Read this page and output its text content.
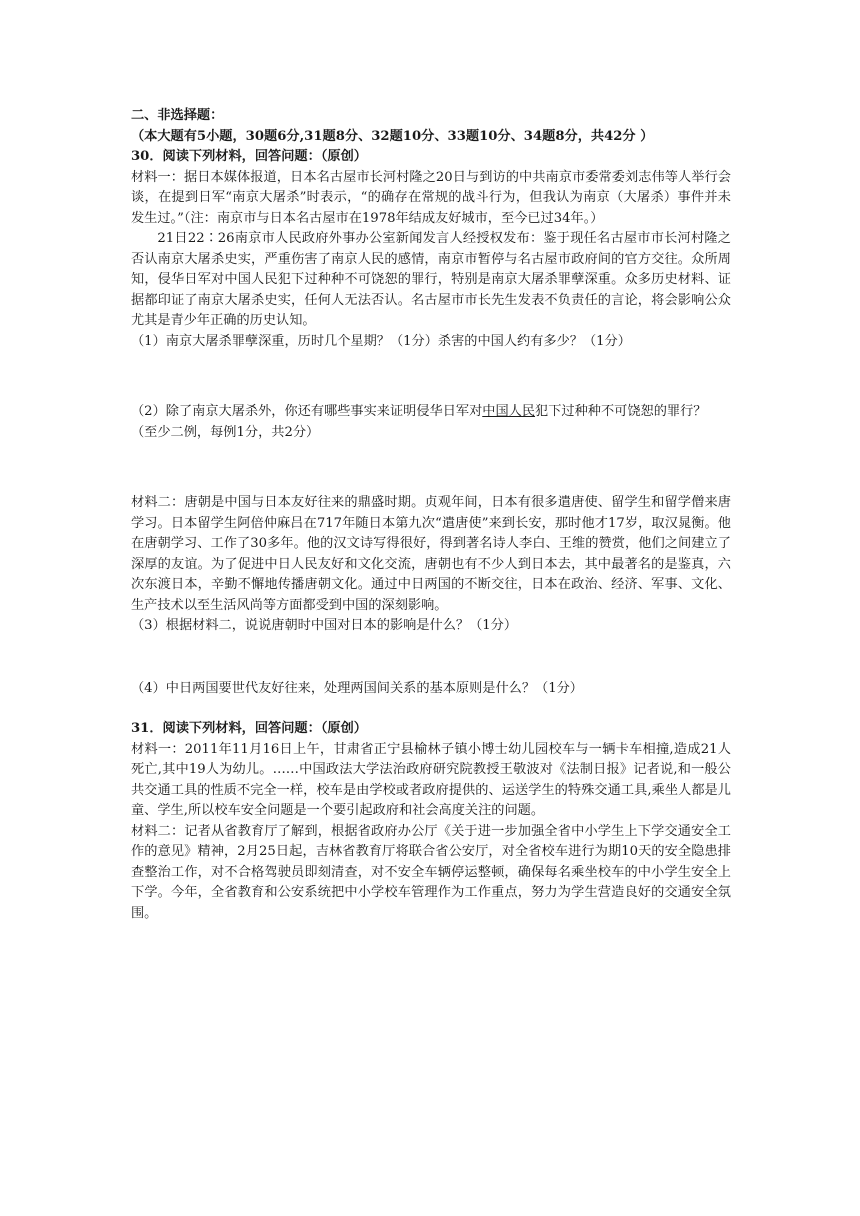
二、非选择题：

（本大题有5小题，30题6分,31题8分、32题10分、33题10分、34题8分，共42分 ）

30．阅读下列材料，回答问题：（原创）

材料一：据日本媒体报道，日本名古屋市长河村隆之20日与到访的中共南京市委常委刘志伟等人举行会谈，在提到日军“南京大屠杀”时表示，“的确存在常规的战斗行为，但我认为南京（大屠杀）事件并未发生过。”（注：南京市与日本名古屋市在1978年结成友好城市，至今已过34年。）

21日22∶26南京市人民政府外事办公室新闻发言人经授权发布：鉴于现任名古屋市市长河村隆之否认南京大屠杀史实，严重伤害了南京人民的感情，南京市暂停与名古屋市政府间的官方交往。众所周知，侵华日军对中国人民犯下过种种不可饶恕的罪行，特别是南京大屠杀罪孽深重。众多历史材料、证据都印证了南京大屠杀史实，任何人无法否认。名古屋市市长先生发表不负责任的言论，将会影响公众尤其是青少年正确的历史认知。

（1）南京大屠杀罪孽深重，历时几个星期？（1分）杀害的中国人约有多少？（1分）

（2）除了南京大屠杀外，你还有哪些事实来证明侵华日军对中国人民犯下过种种不可饶恕的罪行？

（至少二例，每例1分，共2分）

材料二：唐朝是中国与日本友好往来的鼎盛时期。贞观年间，日本有很多遣唐使、留学生和留学僧来唐学习。日本留学生阿倍仲麻吕在717年随日本第九次“遣唐使”来到长安，那时他才17岁，取汉晁衡。他在唐朝学习、工作了30多年。他的汉文诗写得很好，得到著名诗人李白、王维的赞赏，他们之间建立了深厚的友谊。为了促进中日人民友好和文化交流，唐朝也有不少人到日本去，其中最著名的是鉴真，六次东渡日本，辛勤不懈地传播唐朝文化。通过中日两国的不断交往，日本在政治、经济、军事、文化、生产技术以至生活风尚等方面都受到中国的深刻影响。

（3）根据材料二，说说唐朝时中国对日本的影响是什么？（1分）

（4）中日两国要世代友好往来，处理两国间关系的基本原则是什么？（1分）

31．阅读下列材料，回答问题：（原创）

材料一：2011年11月16日上午，甘肃省正宁县榆林子镇小博士幼儿园校车与一辆卡车相撞,造成21人死亡,其中19人为幼儿。……中国政法大学法治政府研究院教授王敬波对《法制日报》记者说,和一般公共交通工具的性质不完全一样，校车是由学校或者政府提供的、运送学生的特殊交通工具,乘坐人都是儿童、学生,所以校车安全问题是一个要引起政府和社会高度关注的问题。

材料二：记者从省教育厅了解到，根据省政府办公厅《关于进一步加强全省中小学生上下学交通安全工作的意见》精神，2月25日起，吉林省教育厅将联合省公安厅，对全省校车进行为期10天的安全隐患排查整治工作，对不合格驾驶员即刻清查，对不安全车辆停运整顿，确保每名乘坐校车的中小学生安全上下学。今年，全省教育和公安系统把中小学校车管理作为工作重点，努力为学生营造良好的交通安全氛围。
